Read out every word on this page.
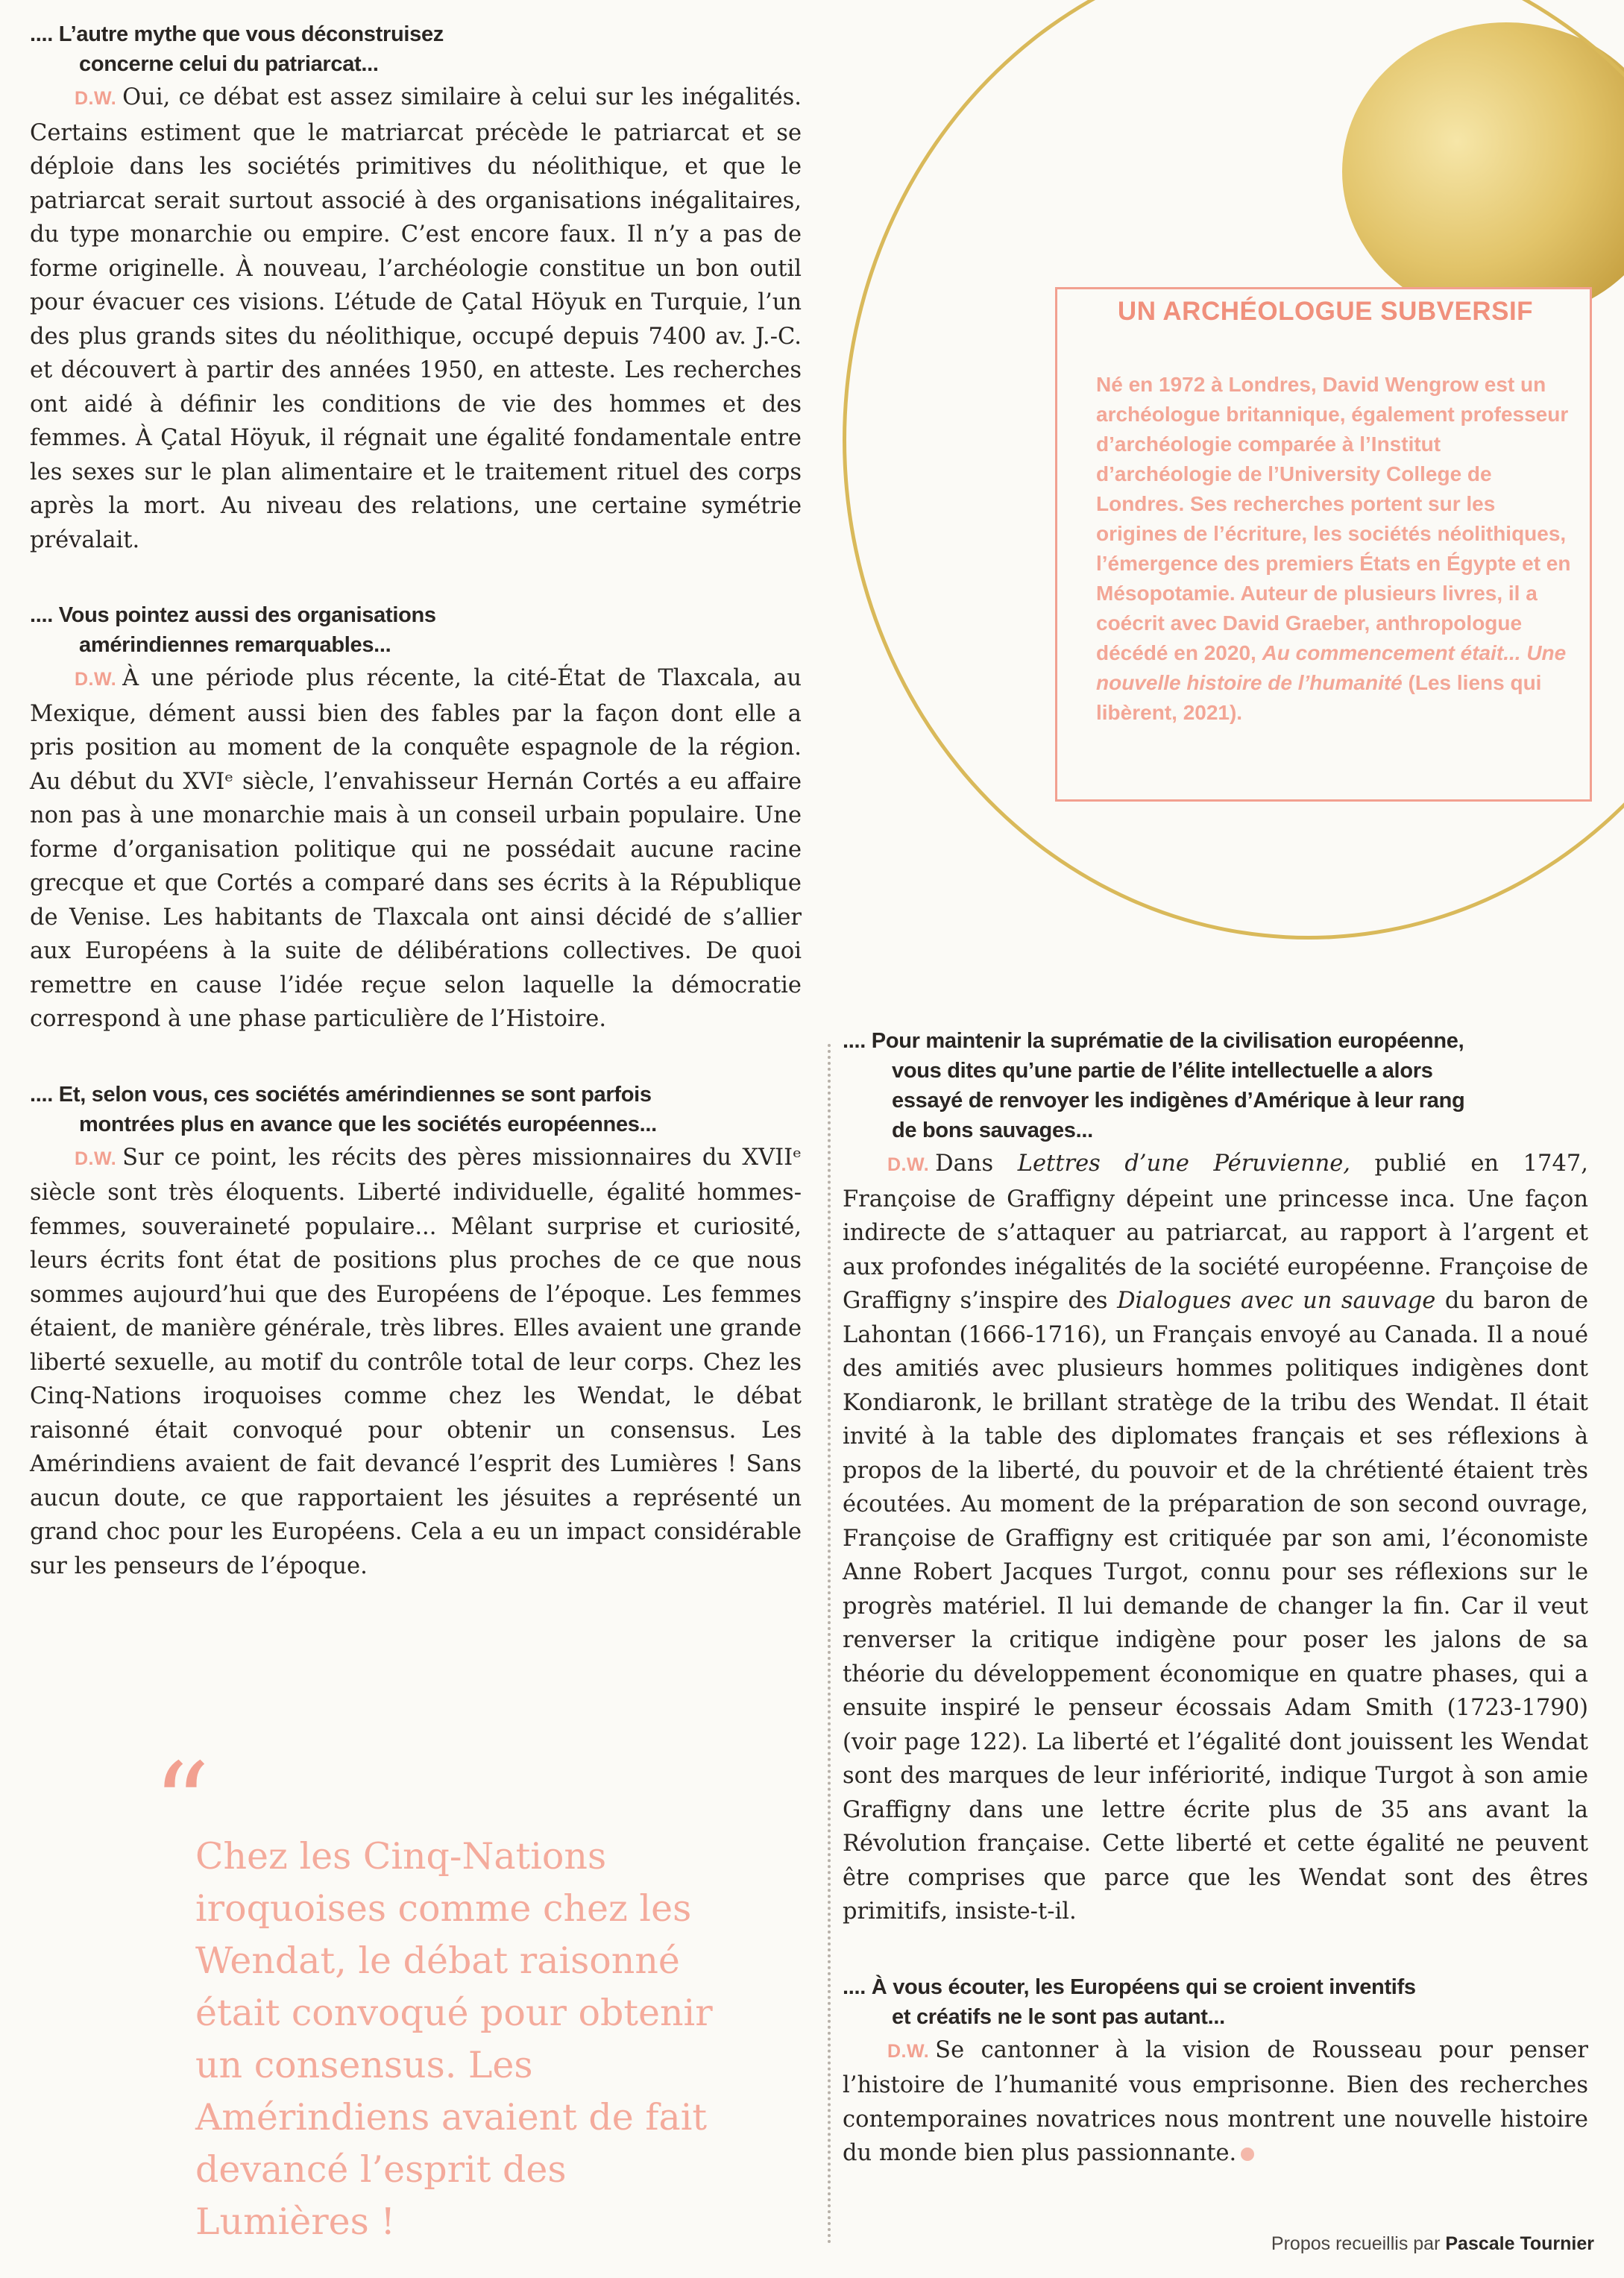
.... L’autre mythe que vous déconstruisez
concerne celui du patriarcat...

D.W. Oui, ce débat est assez similaire à celui sur les inégalités. Certains estiment que le matriarcat précède le patriarcat et se déploie dans les sociétés primitives du néolithique, et que le patriarcat serait surtout associé à des organisations inégalitaires, du type monarchie ou empire. C’est encore faux. Il n’y a pas de forme originelle. À nouveau, l’archéologie constitue un bon outil pour évacuer ces visions. L’étude de Çatal Höyuk en Turquie, l’un des plus grands sites du néolithique, occupé depuis 7400 av. J.-C. et découvert à partir des années 1950, en atteste. Les recherches ont aidé à définir les conditions de vie des hommes et des femmes. À Çatal Höyuk, il régnait une égalité fondamentale entre les sexes sur le plan alimentaire et le traitement rituel des corps après la mort. Au niveau des relations, une certaine symétrie prévalait.

.... Vous pointez aussi des organisations
amérindiennes remarquables...

D.W. À une période plus récente, la cité-État de Tlaxcala, au Mexique, dément aussi bien des fables par la façon dont elle a pris position au moment de la conquête espagnole de la région. Au début du XVIᵉ siècle, l’envahisseur Hernán Cortés a eu affaire non pas à une monarchie mais à un conseil urbain populaire. Une forme d’organisation politique qui ne possédait aucune racine grecque et que Cortés a comparé dans ses écrits à la République de Venise. Les habitants de Tlaxcala ont ainsi décidé de s’allier aux Européens à la suite de délibérations collectives. De quoi remettre en cause l’idée reçue selon laquelle la démocratie correspond à une phase particulière de l’Histoire.

.... Et, selon vous, ces sociétés amérindiennes se sont parfois
montrées plus en avance que les sociétés européennes...

D.W. Sur ce point, les récits des pères missionnaires du XVIIᵉ siècle sont très éloquents. Liberté individuelle, égalité hommes-femmes, souveraineté populaire... Mêlant surprise et curiosité, leurs écrits font état de positions plus proches de ce que nous sommes aujourd’hui que des Européens de l’époque. Les femmes étaient, de manière générale, très libres. Elles avaient une grande liberté sexuelle, au motif du contrôle total de leur corps. Chez les Cinq-Nations iroquoises comme chez les Wendat, le débat raisonné était convoqué pour obtenir un consensus. Les Amérindiens avaient de fait devancé l’esprit des Lumières ! Sans aucun doute, ce que rapportaient les jésuites a représenté un grand choc pour les Européens. Cela a eu un impact considérable sur les penseurs de l’époque.

UN ARCHÉOLOGUE SUBVERSIF

Né en 1972 à Londres, David Wengrow est un archéologue britannique, également professeur d’archéologie comparée à l’Institut d’archéologie de l’University College de Londres. Ses recherches portent sur les origines de l’écriture, les sociétés néolithiques, l’émergence des premiers États en Égypte et en Mésopotamie. Auteur de plusieurs livres, il a coécrit avec David Graeber, anthropologue décédé en 2020, Au commencement était... Une nouvelle histoire de l’humanité (Les liens qui libèrent, 2021).

.... Pour maintenir la suprématie de la civilisation européenne,
vous dites qu’une partie de l’élite intellectuelle a alors
essayé de renvoyer les indigènes d’Amérique à leur rang
de bons sauvages...

D.W. Dans Lettres d’une Péruvienne, publié en 1747, Françoise de Graffigny dépeint une princesse inca. Une façon indirecte de s’attaquer au patriarcat, au rapport à l’argent et aux profondes inégalités de la société européenne. Françoise de Graffigny s’inspire des Dialogues avec un sauvage du baron de Lahontan (1666-1716), un Français envoyé au Canada. Il a noué des amitiés avec plusieurs hommes politiques indigènes dont Kondiaronk, le brillant stratège de la tribu des Wendat. Il était invité à la table des diplomates français et ses réflexions à propos de la liberté, du pouvoir et de la chrétienté étaient très écoutées. Au moment de la préparation de son second ouvrage, Françoise de Graffigny est critiquée par son ami, l’économiste Anne Robert Jacques Turgot, connu pour ses réflexions sur le progrès matériel. Il lui demande de changer la fin. Car il veut renverser la critique indigène pour poser les jalons de sa théorie du développement économique en quatre phases, qui a ensuite inspiré le penseur écossais Adam Smith (1723-1790) (voir page 122). La liberté et l’égalité dont jouissent les Wendat sont des marques de leur infériorité, indique Turgot à son amie Graffigny dans une lettre écrite plus de 35 ans avant la Révolution française. Cette liberté et cette égalité ne peuvent être comprises que parce que les Wendat sont des êtres primitifs, insiste-t-il.

.... À vous écouter, les Européens qui se croient inventifs
et créatifs ne le sont pas autant...

D.W. Se cantonner à la vision de Rousseau pour penser l’histoire de l’humanité vous emprisonne. Bien des recherches contemporaines novatrices nous montrent une nouvelle histoire du monde bien plus passionnante.

“

Chez les Cinq-Nations iroquoises comme chez les Wendat, le débat raisonné était convoqué pour obtenir un consensus. Les Amérindiens avaient de fait devancé l’esprit des Lumières !

Propos recueillis par Pascale Tournier
